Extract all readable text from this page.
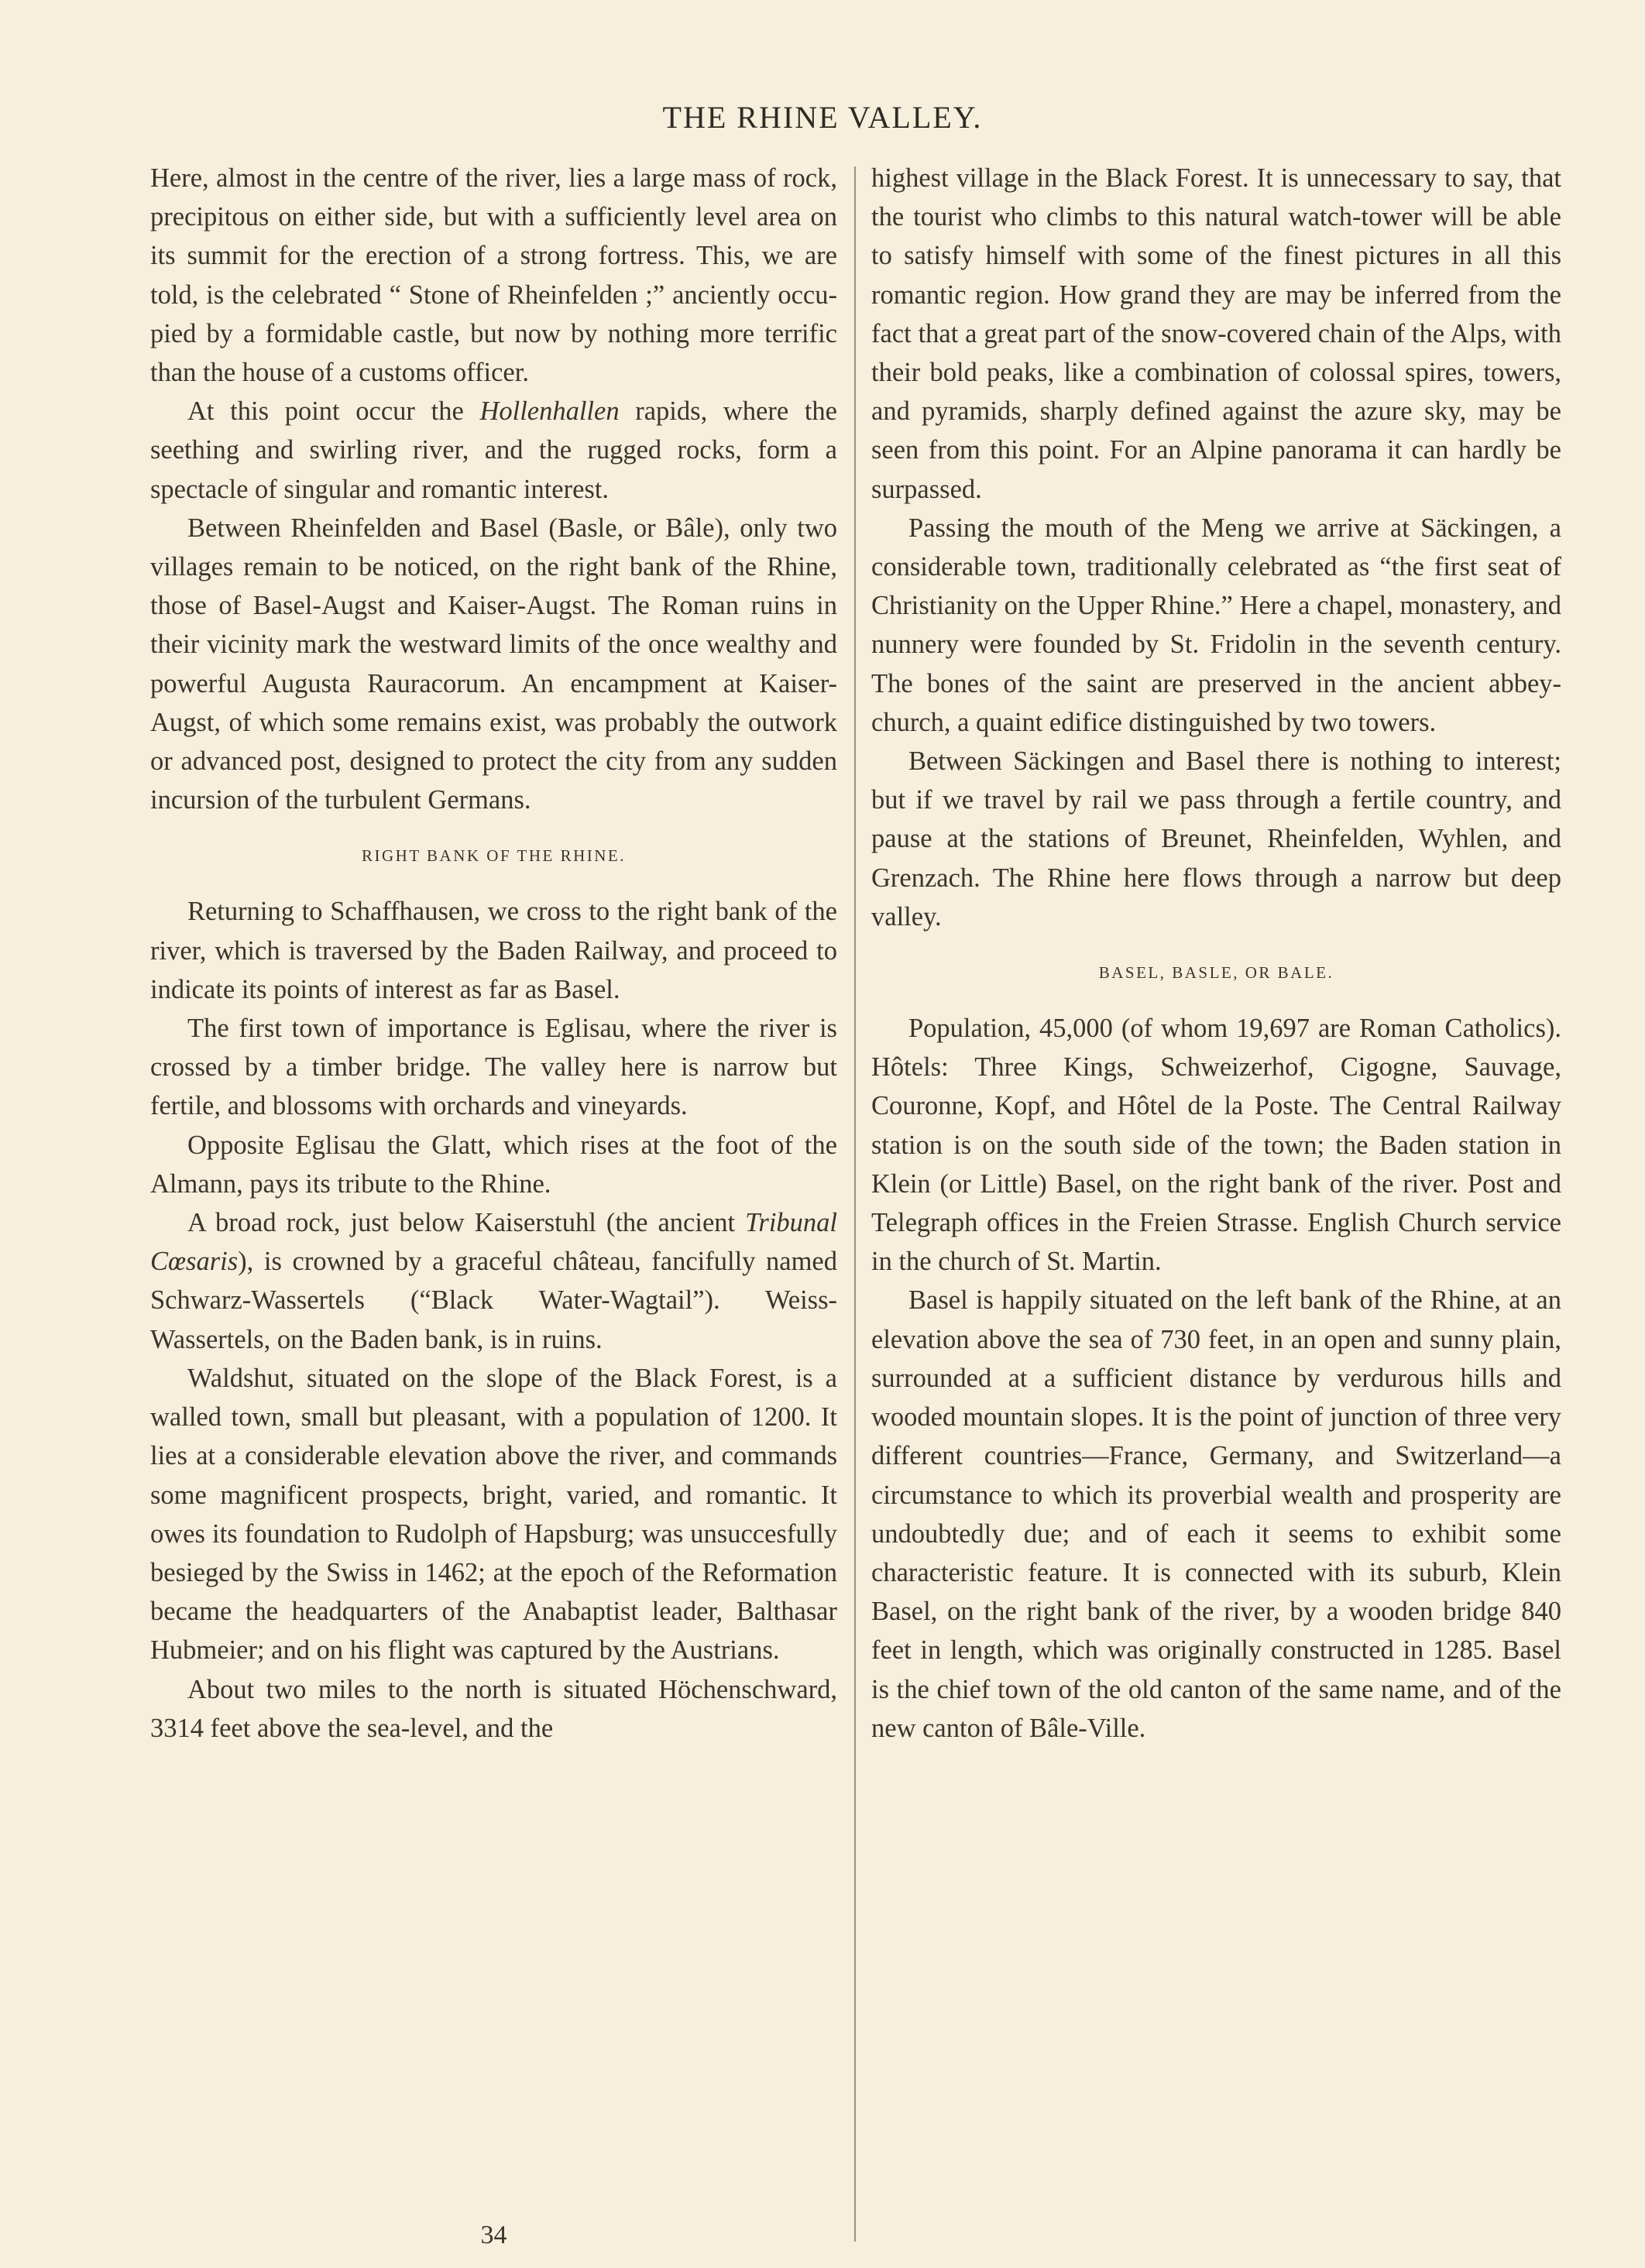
THE RHINE VALLEY.

Here, almost in the centre of the river, lies a large mass of rock, precipitous on either side, but with a sufficiently level area on its summit for the erection of a strong fortress. This, we are told, is the celebrated “ Stone of Rheinfelden ;” anciently occupied by a formidable castle, but now by nothing more terrific than the house of a customs officer.

At this point occur the Hollenhallen rapids, where the seething and swirling river, and the rugged rocks, form a spectacle of singular and romantic interest.

Between Rheinfelden and Basel (Basle, or Bâle), only two villages remain to be noticed, on the right bank of the Rhine, those of Basel-Augst and Kaiser-Augst. The Roman ruins in their vicinity mark the westward limits of the once wealthy and powerful Augusta Rauracorum. An encampment at Kaiser-Augst, of which some remains exist, was probably the outwork or advanced post, designed to protect the city from any sudden incursion of the turbulent Germans.

RIGHT BANK OF THE RHINE.

Returning to Schaffhausen, we cross to the right bank of the river, which is traversed by the Baden Railway, and proceed to indicate its points of interest as far as Basel.

The first town of importance is Eglisau, where the river is crossed by a timber bridge. The valley here is narrow but fertile, and blossoms with orchards and vineyards.

Opposite Eglisau the Glatt, which rises at the foot of the Almann, pays its tribute to the Rhine.

A broad rock, just below Kaiserstuhl (the ancient Tribunal Cœsaris), is crowned by a graceful château, fancifully named Schwarz-Wassertels (“Black Water-Wagtail”). Weiss-Wassertels, on the Baden bank, is in ruins.

Waldshut, situated on the slope of the Black Forest, is a walled town, small but pleasant, with a population of 1200. It lies at a considerable elevation above the river, and commands some magnificent prospects, bright, varied, and romantic. It owes its foundation to Rudolph of Hapsburg; was unsuccesfully besieged by the Swiss in 1462; at the epoch of the Reformation became the headquarters of the Anabaptist leader, Balthasar Hubmeier; and on his flight was captured by the Austrians.

About two miles to the north is situated Höchenschward, 3314 feet above the sea-level, and the

highest village in the Black Forest. It is unnecessary to say, that the tourist who climbs to this natural watch-tower will be able to satisfy himself with some of the finest pictures in all this romantic region. How grand they are may be inferred from the fact that a great part of the snow-covered chain of the Alps, with their bold peaks, like a combination of colossal spires, towers, and pyramids, sharply defined against the azure sky, may be seen from this point. For an Alpine panorama it can hardly be surpassed.

Passing the mouth of the Meng we arrive at Säckingen, a considerable town, traditionally celebrated as “the first seat of Christianity on the Upper Rhine.” Here a chapel, monastery, and nunnery were founded by St. Fridolin in the seventh century. The bones of the saint are preserved in the ancient abbey-church, a quaint edifice distinguished by two towers.

Between Säckingen and Basel there is nothing to interest; but if we travel by rail we pass through a fertile country, and pause at the stations of Breunet, Rheinfelden, Wyhlen, and Grenzach. The Rhine here flows through a narrow but deep valley.

BASEL, BASLE, OR BALE.

Population, 45,000 (of whom 19,697 are Roman Catholics). Hôtels: Three Kings, Schweizerhof, Cigogne, Sauvage, Couronne, Kopf, and Hôtel de la Poste. The Central Railway station is on the south side of the town; the Baden station in Klein (or Little) Basel, on the right bank of the river. Post and Telegraph offices in the Freien Strasse. English Church service in the church of St. Martin.

Basel is happily situated on the left bank of the Rhine, at an elevation above the sea of 730 feet, in an open and sunny plain, surrounded at a sufficient distance by verdurous hills and wooded mountain slopes. It is the point of junction of three very different countries—France, Germany, and Switzerland—a circumstance to which its proverbial wealth and prosperity are undoubtedly due; and of each it seems to exhibit some characteristic feature. It is connected with its suburb, Klein Basel, on the right bank of the river, by a wooden bridge 840 feet in length, which was originally constructed in 1285. Basel is the chief town of the old canton of the same name, and of the new canton of Bâle-Ville.

34
